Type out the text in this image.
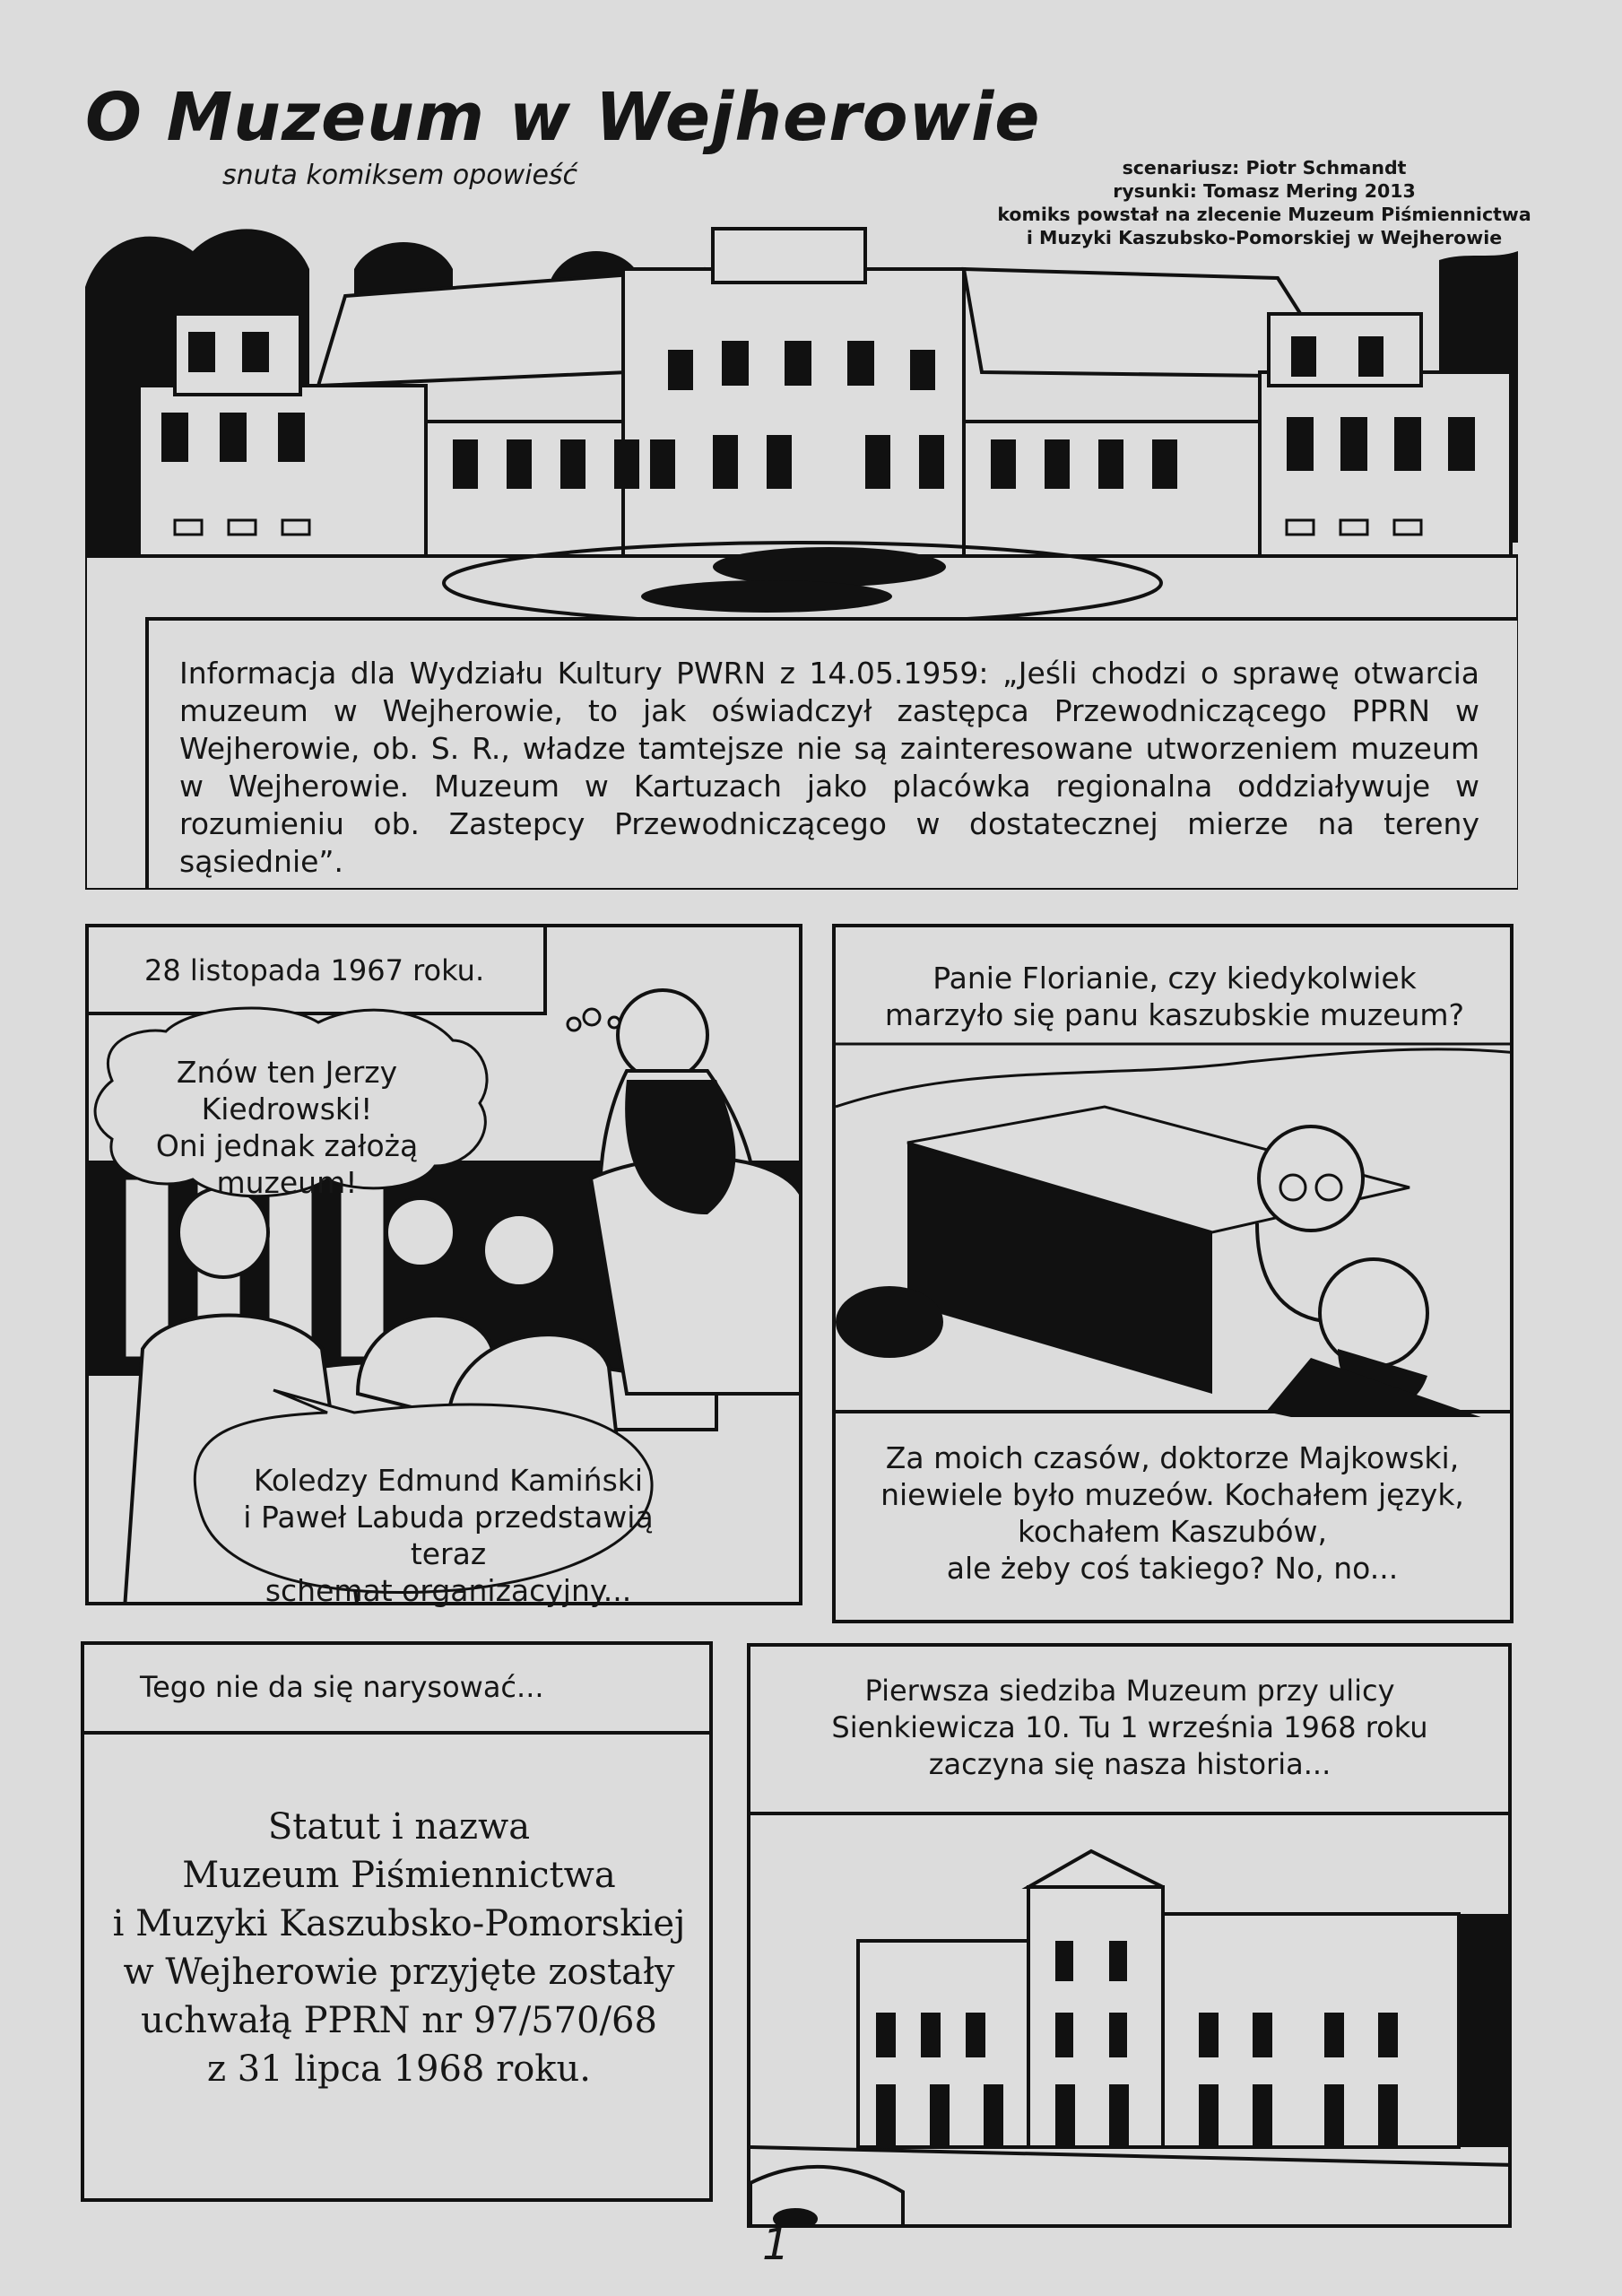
O Muzeum w Wejherowie
snuta komiksem opowieść	scenariusz: Piotr Schmandt
rysunki: Tomasz Mering 2013
komiks powstał na zlecenie Muzeum Piśmiennictwa
i Muzyki Kaszubsko-Pomorskiej w Wejherowie
Informacja dla Wydziału Kultury PWRN z 14.05.1959: „Jeśli chodzi o sprawę otwarcia muzeum w Wejherowie, to jak oświadczył zastępca Przewodniczącego PPRN w Wejherowie, ob. S. R., władze tamtejsze nie są zainteresowane utworzeniem muzeum w Wejherowie. Muzeum w Kartuzach jako placówka regionalna oddziaływuje w rozumieniu ob. Zastepcy Przewodniczącego w dostatecznej mierze na tereny sąsiednie”.
28 listopada 1967 roku.
Znów ten Jerzy Kiedrowski!
Oni jednak założą muzeum!
Koledzy Edmund Kamiński
i Paweł Labuda przedstawią teraz
schemat organizacyjny...
Panie Florianie, czy kiedykolwiek
marzyło się panu kaszubskie muzeum?
Za moich czasów, doktorze Majkowski,
niewiele było muzeów. Kochałem język,
kochałem Kaszubów,
ale żeby coś takiego? No, no...
Tego nie da się narysować...
Statut i nazwa
Muzeum Piśmiennictwa
i Muzyki Kaszubsko-Pomorskiej
w Wejherowie przyjęte zostały
uchwałą PPRN nr 97/570/68
z 31 lipca 1968 roku.
Pierwsza siedziba Muzeum przy ulicy
Sienkiewicza 10. Tu 1 września 1968 roku
zaczyna się nasza historia...
1
